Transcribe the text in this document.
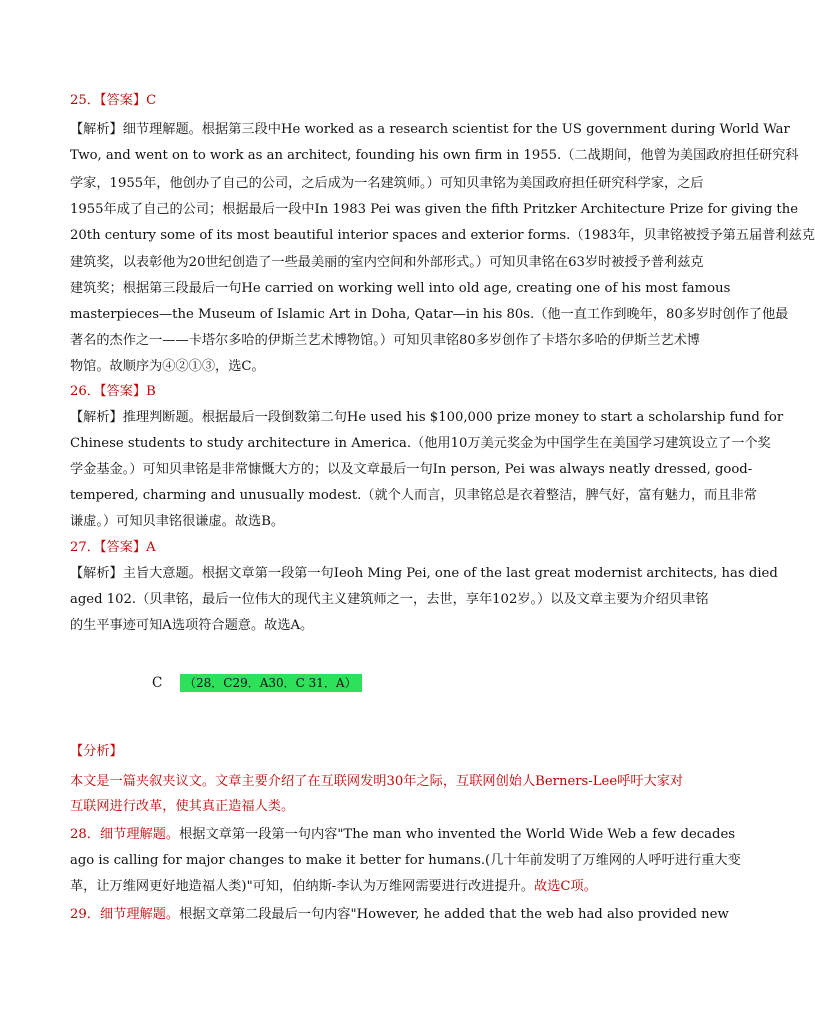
25．【答案】C
【解析】细节理解题。根据第三段中He worked as a research scientist for the US government during World War
Two, and went on to work as an architect, founding his own firm in 1955.（二战期间，他曾为美国政府担任研究科
学家，1955年，他创办了自己的公司，之后成为一名建筑师。）可知贝聿铭为美国政府担任研究科学家，之后
1955年成了自己的公司；根据最后一段中In 1983 Pei was given the fifth Pritzker Architecture Prize for giving the
20th century some of its most beautiful interior spaces and exterior forms.（1983年，贝聿铭被授予第五届普利兹克
建筑奖，以表彰他为20世纪创造了一些最美丽的室内空间和外部形式。）可知贝聿铭在63岁时被授予普利兹克
建筑奖；根据第三段最后一句He carried on working well into old age, creating one of his most famous
masterpieces—the Museum of Islamic Art in Doha, Qatar—in his 80s.（他一直工作到晚年，80多岁时创作了他最
著名的杰作之一——卡塔尔多哈的伊斯兰艺术博物馆。）可知贝聿铭80多岁创作了卡塔尔多哈的伊斯兰艺术博
物馆。故顺序为④②①③，选C。
26．【答案】B
【解析】推理判断题。根据最后一段倒数第二句He used his $100,000 prize money to start a scholarship fund for
Chinese students to study architecture in America.（他用10万美元奖金为中国学生在美国学习建筑设立了一个奖
学金基金。）可知贝聿铭是非常慷慨大方的；以及文章最后一句In person, Pei was always neatly dressed, good-
tempered, charming and unusually modest.（就个人而言，贝聿铭总是衣着整洁，脾气好，富有魅力，而且非常
谦虚。）可知贝聿铭很谦虚。故选B。
27．【答案】A
【解析】主旨大意题。根据文章第一段第一句Ieoh Ming Pei, one of the last great modernist architects, has died
aged 102.（贝聿铭，最后一位伟大的现代主义建筑师之一，去世，享年102岁。）以及文章主要为介绍贝聿铭
的生平事迹可知A选项符合题意。故选A。
C	（28．C29．A30．C 31．A）
【分析】
本文是一篇夹叙夹议文。文章主要介绍了在互联网发明30年之际，互联网创始人Berners-Lee呼吁大家对
互联网进行改革，使其真正造福人类。
28．细节理解题。根据文章第一段第一句内容"The man who invented the World Wide Web a few decades
ago is calling for major changes to make it better for humans.(几十年前发明了万维网的人呼吁进行重大变
革，让万维网更好地造福人类)"可知，伯纳斯-李认为万维网需要进行改进提升。故选C项。
29．细节理解题。根据文章第二段最后一句内容"However, he added that the web had also provided new
